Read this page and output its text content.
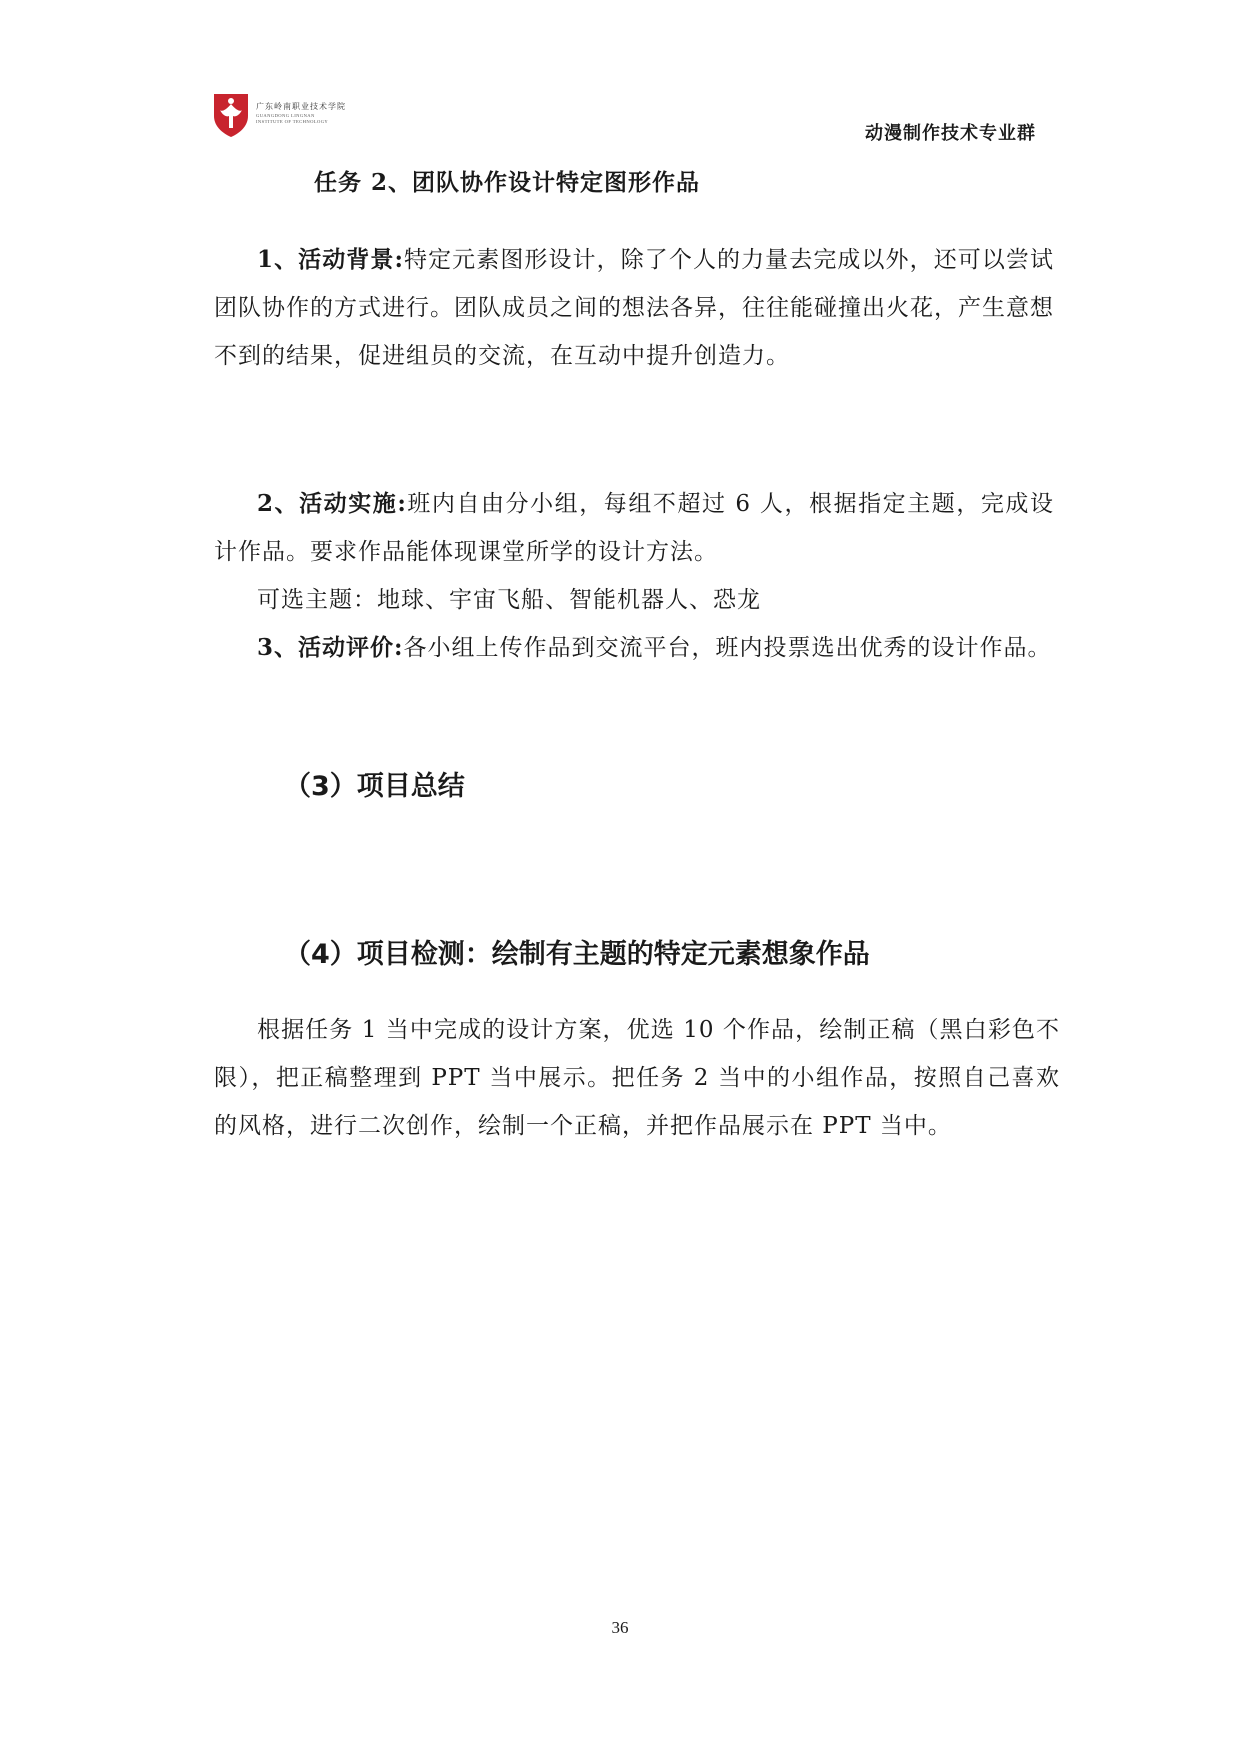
广东岭南职业技术学院
GUANGDONG LINGNAN
INSTITUTE OF TECHNOLOGY
动漫制作技术专业群
任务 2、团队协作设计特定图形作品
1、活动背景:特定元素图形设计，除了个人的力量去完成以外，还可以尝试团队协作的方式进行。团队成员之间的想法各异，往往能碰撞出火花，产生意想不到的结果，促进组员的交流，在互动中提升创造力。
2、活动实施:班内自由分小组，每组不超过 6 人，根据指定主题，完成设计作品。要求作品能体现课堂所学的设计方法。
可选主题：地球、宇宙飞船、智能机器人、恐龙
3、活动评价:各小组上传作品到交流平台，班内投票选出优秀的设计作品。
（3）项目总结
（4）项目检测：绘制有主题的特定元素想象作品
根据任务 1 当中完成的设计方案，优选 10 个作品，绘制正稿（黑白彩色不限），把正稿整理到 PPT 当中展示。把任务 2 当中的小组作品，按照自己喜欢的风格，进行二次创作，绘制一个正稿，并把作品展示在 PPT 当中。
36
